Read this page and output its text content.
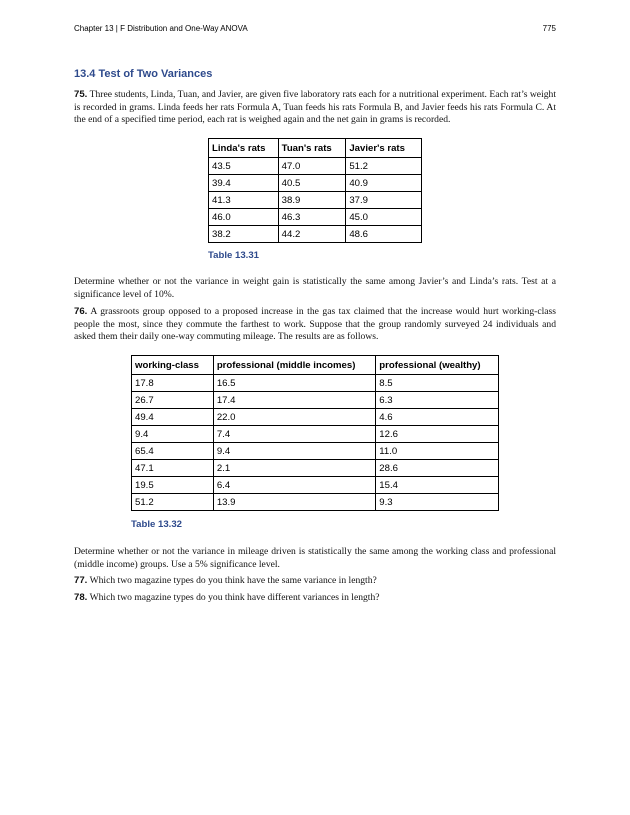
Chapter 13 | F Distribution and One-Way ANOVA	775
13.4 Test of Two Variances

75. Three students, Linda, Tuan, and Javier, are given five laboratory rats each for a nutritional experiment. Each rat’s weight is recorded in grams. Linda feeds her rats Formula A, Tuan feeds his rats Formula B, and Javier feeds his rats Formula C. At the end of a specified time period, each rat is weighed again and the net gain in grams is recorded.

Linda's rats	Tuan's rats	Javier's rats
43.5	47.0	51.2
39.4	40.5	40.9
41.3	38.9	37.9
46.0	46.3	45.0
38.2	44.2	48.6

Table 13.31

Determine whether or not the variance in weight gain is statistically the same among Javier’s and Linda’s rats. Test at a significance level of 10%.

76. A grassroots group opposed to a proposed increase in the gas tax claimed that the increase would hurt working-class people the most, since they commute the farthest to work. Suppose that the group randomly surveyed 24 individuals and asked them their daily one-way commuting mileage. The results are as follows.

working-class	professional (middle incomes)	professional (wealthy)
17.8	16.5	8.5
26.7	17.4	6.3
49.4	22.0	4.6
9.4	7.4	12.6
65.4	9.4	11.0
47.1	2.1	28.6
19.5	6.4	15.4
51.2	13.9	9.3

Table 13.32

Determine whether or not the variance in mileage driven is statistically the same among the working class and professional (middle income) groups. Use a 5% significance level.

77. Which two magazine types do you think have the same variance in length?

78. Which two magazine types do you think have different variances in length?
